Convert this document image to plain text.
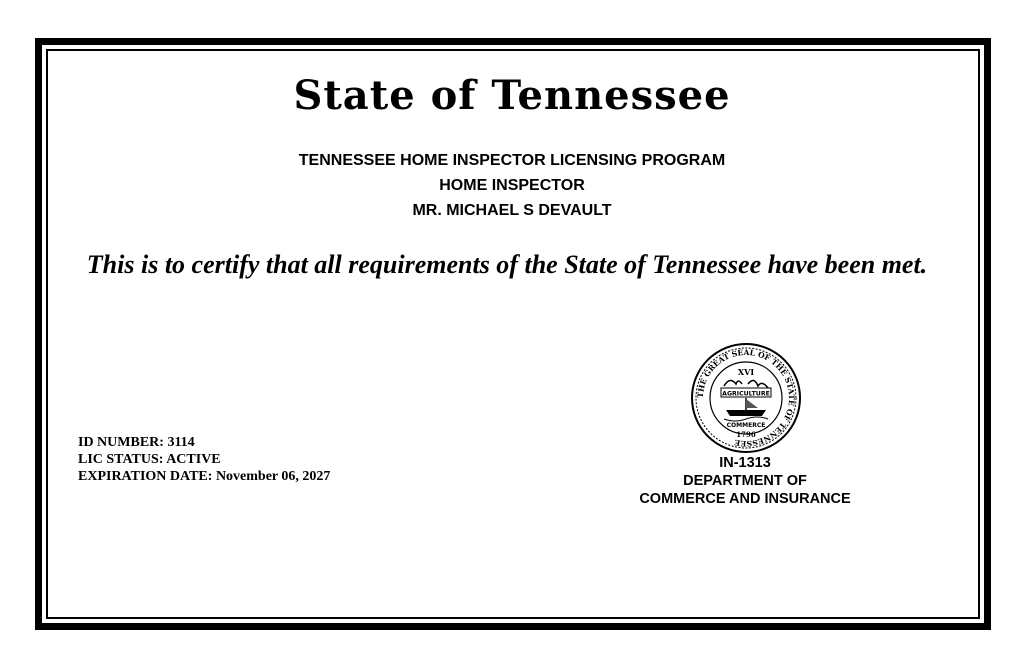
State of Tennessee
TENNESSEE HOME INSPECTOR LICENSING PROGRAM
HOME INSPECTOR
MR. MICHAEL S DEVAULT
This is to certify that all requirements of the State of Tennessee have been met.
ID NUMBER: 3114
LIC STATUS: ACTIVE
EXPIRATION DATE: November 06, 2027
THE GREAT SEAL OF THE STATE OF TENNESSEE
XVI
AGRICULTURE
COMMERCE
1796
IN-1313
DEPARTMENT OF
COMMERCE AND INSURANCE
